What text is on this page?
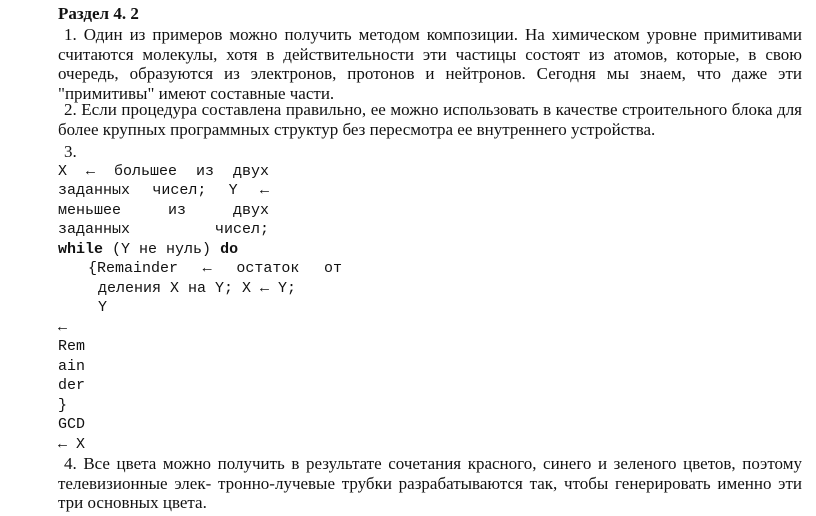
Раздел 4. 2
1. Один из примеров можно получить методом композиции. На химическом уровне примитивами считаются молекулы, хотя в действительности эти частицы состоят из атомов, которые, в свою очередь, образуются из электронов, протонов и нейтронов. Сегодня мы знаем, что даже эти "примитивы" имеют составные части.
2. Если процедура составлена правильно, ее можно использовать в качестве строительного блока для более крупных программных структур без пересмотра ее внутреннего устройства.
3.
X ← большее из двух
заданных чисел; Y ←
меньшее из двух
заданных чисел;
while (Y не нуль) do
{Remainder ← остаток от
деления X на Y; X ← Y;
Y
←
Rem
ain
der
}
GCD
← X
4. Все цвета можно получить в результате сочетания красного, синего и зеленого цветов, поэтому телевизионные элек- тронно-лучевые трубки разрабатываются так, чтобы генерировать именно эти три основных цвета.
